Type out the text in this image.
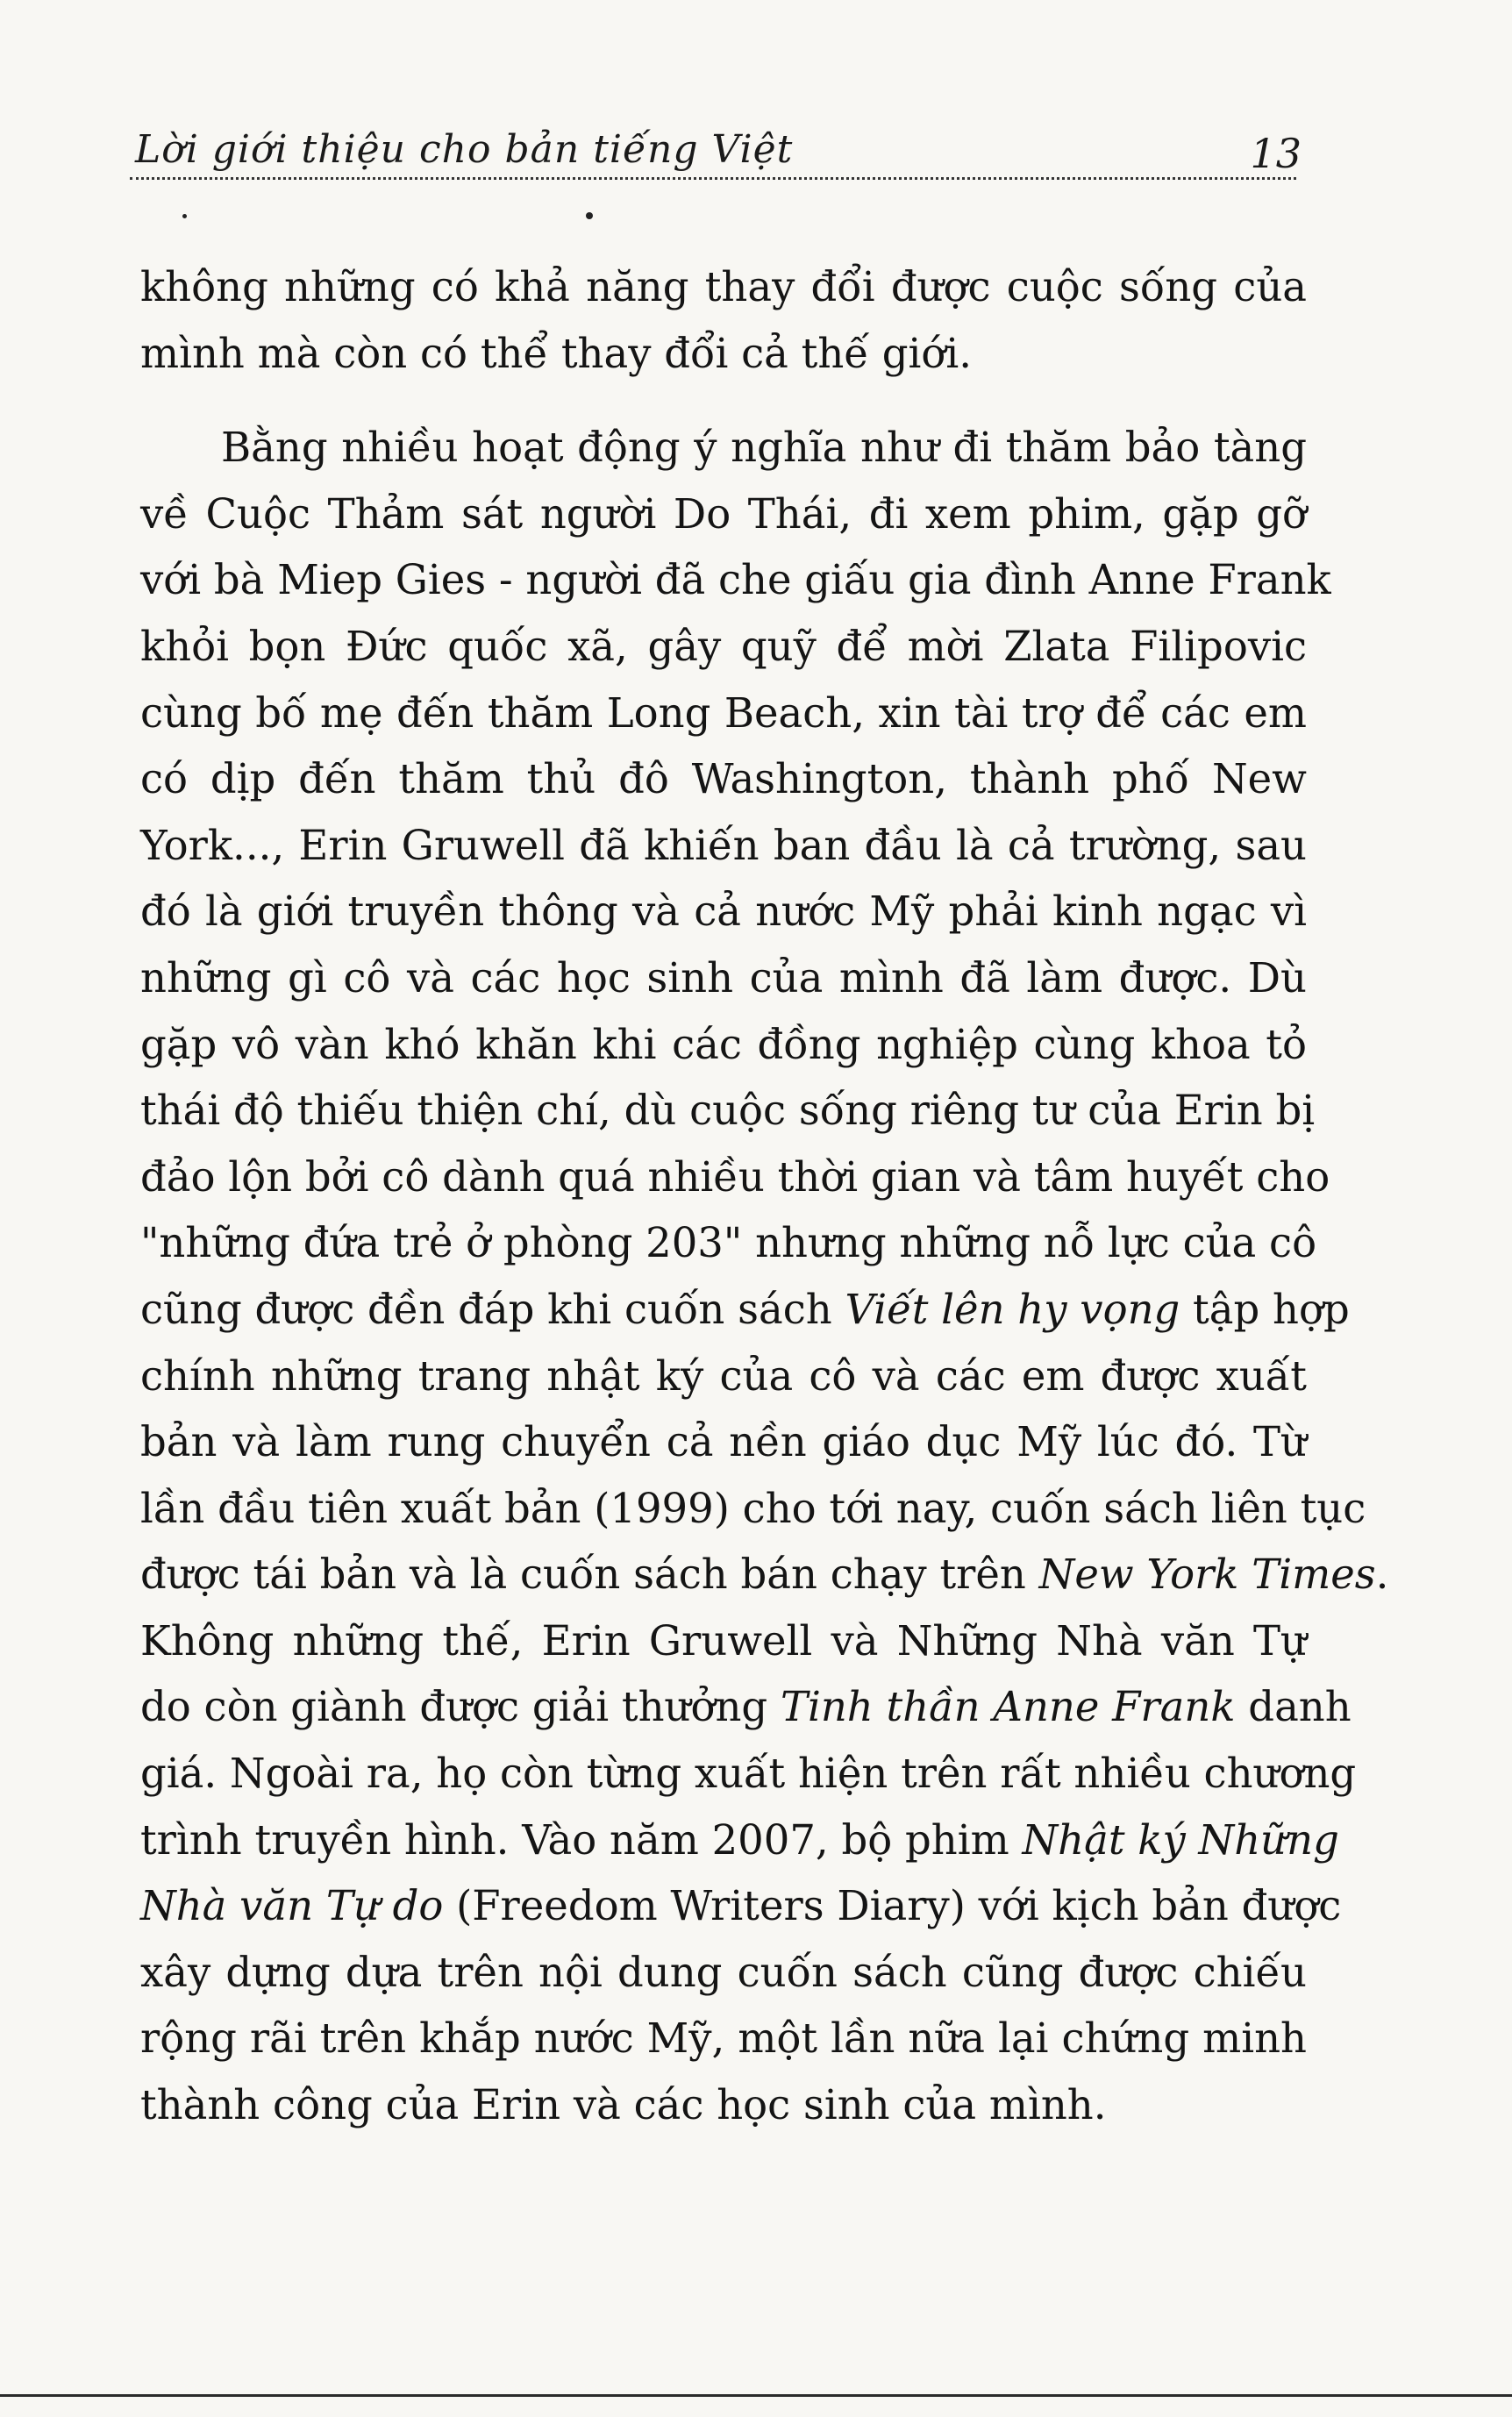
Lời giới thiệu cho bản tiếng Việt	13
không những có khả năng thay đổi được cuộc sống của
mình mà còn có thể thay đổi cả thế giới.
Bằng nhiều hoạt động ý nghĩa như đi thăm bảo tàng
về Cuộc Thảm sát người Do Thái, đi xem phim, gặp gỡ
với bà Miep Gies - người đã che giấu gia đình Anne Frank
khỏi bọn Đức quốc xã, gây quỹ để mời Zlata Filipovic
cùng bố mẹ đến thăm Long Beach, xin tài trợ để các em
có dịp đến thăm thủ đô Washington, thành phố New
York..., Erin Gruwell đã khiến ban đầu là cả trường, sau
đó là giới truyền thông và cả nước Mỹ phải kinh ngạc vì
những gì cô và các học sinh của mình đã làm được. Dù
gặp vô vàn khó khăn khi các đồng nghiệp cùng khoa tỏ
thái độ thiếu thiện chí, dù cuộc sống riêng tư của Erin bị
đảo lộn bởi cô dành quá nhiều thời gian và tâm huyết cho
"những đứa trẻ ở phòng 203" nhưng những nỗ lực của cô
cũng được đền đáp khi cuốn sách Viết lên hy vọng tập hợp
chính những trang nhật ký của cô và các em được xuất
bản và làm rung chuyển cả nền giáo dục Mỹ lúc đó. Từ
lần đầu tiên xuất bản (1999) cho tới nay, cuốn sách liên tục
được tái bản và là cuốn sách bán chạy trên New York Times.
Không những thế, Erin Gruwell và Những Nhà văn Tự
do còn giành được giải thưởng Tinh thần Anne Frank danh
giá. Ngoài ra, họ còn từng xuất hiện trên rất nhiều chương
trình truyền hình. Vào năm 2007, bộ phim Nhật ký Những
Nhà văn Tự do (Freedom Writers Diary) với kịch bản được
xây dựng dựa trên nội dung cuốn sách cũng được chiếu
rộng rãi trên khắp nước Mỹ, một lần nữa lại chứng minh
thành công của Erin và các học sinh của mình.
